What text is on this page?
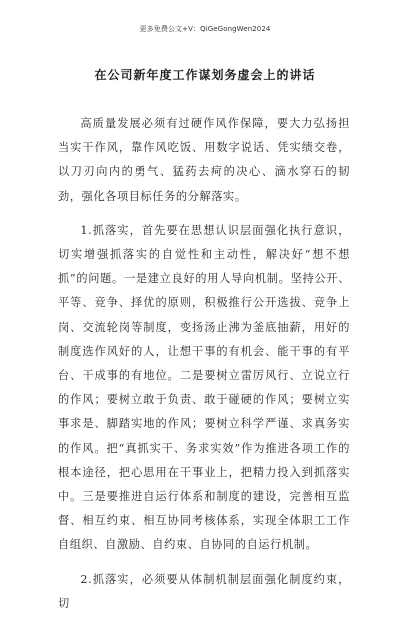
更多免费公文+V：QiGeGongWen2024
在公司新年度工作谋划务虚会上的讲话

高质量发展必须有过硬作风作保障，要大力弘扬担当实干作风，靠作风吃饭、用数字说话、凭实绩交卷，以刀刃向内的勇气、猛药去疴的决心、滴水穿石的韧劲，强化各项目标任务的分解落实。

1.抓落实，首先要在思想认识层面强化执行意识，切实增强抓落实的自觉性和主动性，解决好“想不想抓”的问题。一是建立良好的用人导向机制。坚持公开、平等、竞争、择优的原则，积极推行公开选拔、竞争上岗、交流轮岗等制度，变扬汤止沸为釜底抽薪，用好的制度选作风好的人，让想干事的有机会、能干事的有平台、干成事的有地位。二是要树立雷厉风行、立说立行的作风；要树立敢于负责、敢于碰硬的作风；要树立实事求是、脚踏实地的作风；要树立科学严谨、求真务实的作风。把“真抓实干、务求实效”作为推进各项工作的根本途径，把心思用在干事业上，把精力投入到抓落实中。三是要推进自运行体系和制度的建设，完善相互监督、相互约束、相互协同考核体系，实现全体职工工作自组织、自激励、自约束、自协同的自运行机制。

2.抓落实，必须要从体制机制层面强化制度约束，切
